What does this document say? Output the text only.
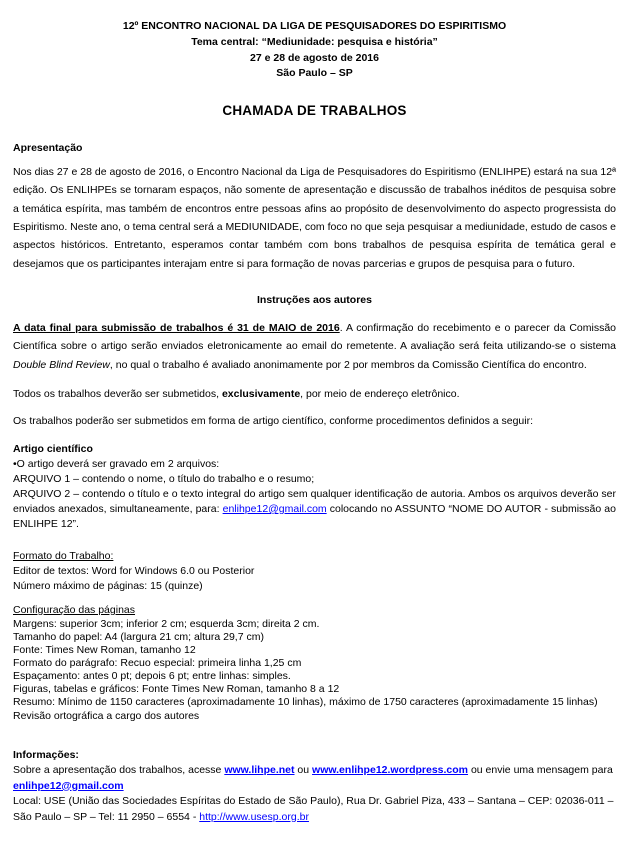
12º ENCONTRO NACIONAL DA LIGA DE PESQUISADORES DO ESPIRITISMO
Tema central: “Mediunidade: pesquisa e história”
27 e 28 de agosto de 2016
São Paulo – SP
CHAMADA DE TRABALHOS
Apresentação

Nos dias 27 e 28 de agosto de 2016, o Encontro Nacional da Liga de Pesquisadores do Espiritismo (ENLIHPE) estará na sua 12ª edição. Os ENLIHPEs se tornaram espaços, não somente de apresentação e discussão de trabalhos inéditos de pesquisa sobre a temática espírita, mas também de encontros entre pessoas afins ao propósito de desenvolvimento do aspecto progressista do Espiritismo. Neste ano, o tema central será a MEDIUNIDADE, com foco no que seja pesquisar a mediunidade, estudo de casos e aspectos históricos. Entretanto, esperamos contar também com bons trabalhos de pesquisa espírita de temática geral e desejamos que os participantes interajam entre si para formação de novas parcerias e grupos de pesquisa para o futuro.

Instruções aos autores

A data final para submissão de trabalhos é 31 de MAIO de 2016. A confirmação do recebimento e o parecer da Comissão Científica sobre o artigo serão enviados eletronicamente ao email do remetente. A avaliação será feita utilizando-se o sistema Double Blind Review, no qual o trabalho é avaliado anonimamente por 2 por membros da Comissão Científica do encontro.

Todos os trabalhos deverão ser submetidos, exclusivamente, por meio de endereço eletrônico.

Os trabalhos poderão ser submetidos em forma de artigo científico, conforme procedimentos definidos a seguir:

Artigo científico
•O artigo deverá ser gravado em 2 arquivos:
ARQUIVO 1 – contendo o nome, o título do trabalho e o resumo;
ARQUIVO 2 – contendo o título e o texto integral do artigo sem qualquer identificação de autoria. Ambos os arquivos deverão ser enviados anexados, simultaneamente, para: enlihpe12@gmail.com colocando no ASSUNTO “NOME DO AUTOR - submissão ao ENLIHPE 12”.
Formato do Trabalho:
Editor de textos: Word for Windows 6.0 ou Posterior
Número máximo de páginas: 15 (quinze)
Configuração das páginas
Margens: superior 3cm; inferior 2 cm; esquerda 3cm; direita 2 cm.
Tamanho do papel: A4 (largura 21 cm; altura 29,7 cm)
Fonte: Times New Roman, tamanho 12
Formato do parágrafo: Recuo especial: primeira linha 1,25 cm
Espaçamento: antes 0 pt; depois 6 pt; entre linhas: simples.
Figuras, tabelas e gráficos: Fonte Times New Roman, tamanho 8 a 12
Resumo: Mínimo de 1150 caracteres (aproximadamente 10 linhas), máximo de 1750 caracteres (aproximadamente 15 linhas)
Revisão ortográfica a cargo dos autores
Informações:
Sobre a apresentação dos trabalhos, acesse www.lihpe.net ou www.enlihpe12.wordpress.com ou envie uma mensagem para enlihpe12@gmail.com
Local: USE (União das Sociedades Espíritas do Estado de São Paulo), Rua Dr. Gabriel Piza, 433 – Santana – CEP: 02036-011 – São Paulo – SP – Tel: 11 2950 – 6554 - http://www.usesp.org.br
